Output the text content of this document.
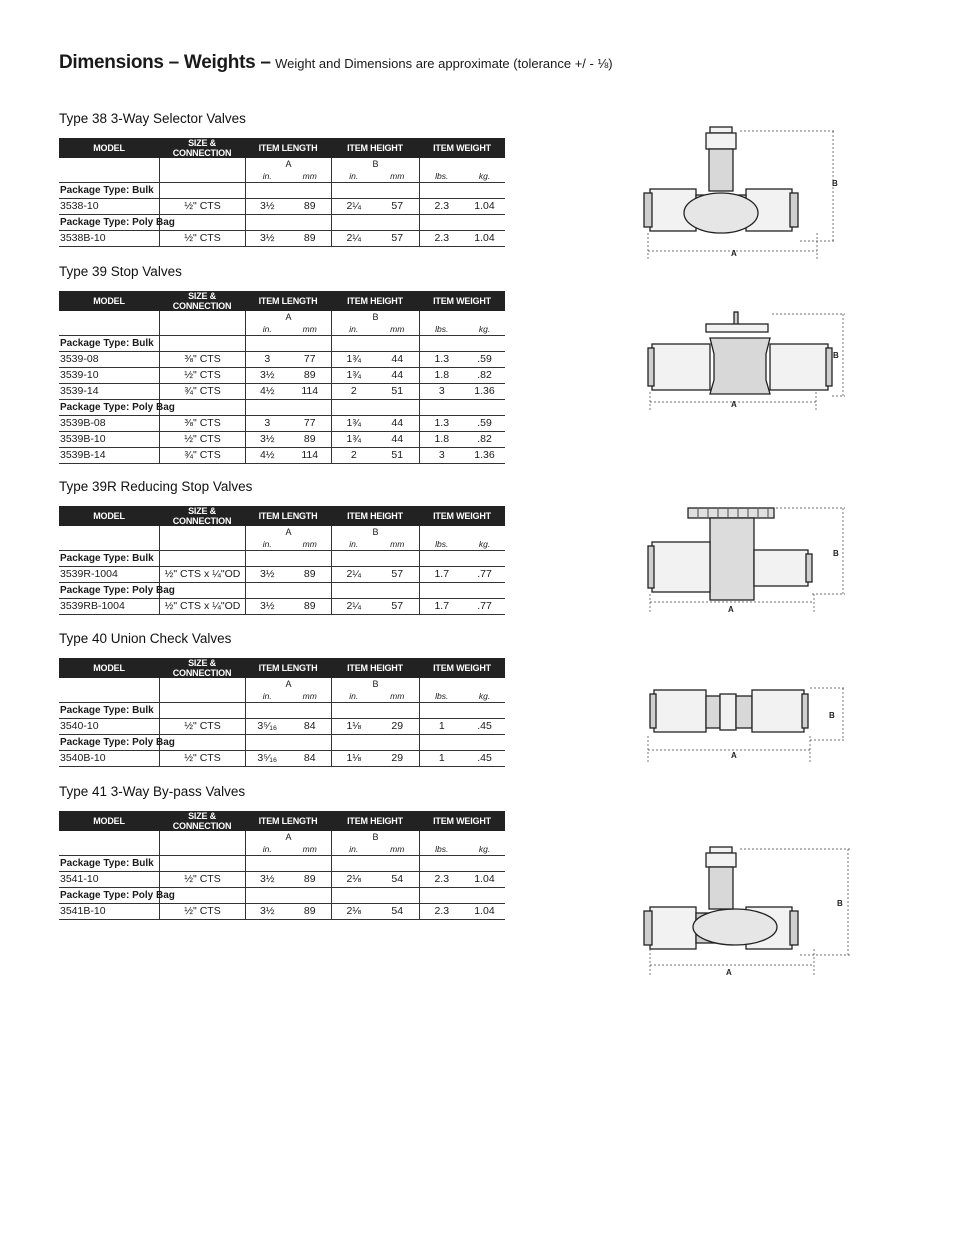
Dimensions – Weights – Weight and Dimensions are approximate (tolerance +/ - ⅛)
Type 38 3-Way Selector Valves
MODEL	SIZE & CONNECTION	ITEM LENGTH		ITEM HEIGHT		ITEM WEIGHT	
		A		B			
		in.	mm	in.	mm	lbs.	kg.
Package Type: Bulk							
3538-10	½" CTS	3½	89	2¼	57	2.3	1.04
Package Type: Poly Bag							
3538B-10	½" CTS	3½	89	2¼	57	2.3	1.04
Type 39 Stop Valves
MODEL	SIZE & CONNECTION	ITEM LENGTH		ITEM HEIGHT		ITEM WEIGHT	
		A		B			
		in.	mm	in.	mm	lbs.	kg.
Package Type: Bulk							
3539-08	⅜" CTS	3	77	1¾	44	1.3	.59
3539-10	½" CTS	3½	89	1¾	44	1.8	.82
3539-14	¾" CTS	4½	114	2	51	3	1.36
Package Type: Poly Bag							
3539B-08	⅜" CTS	3	77	1¾	44	1.3	.59
3539B-10	½" CTS	3½	89	1¾	44	1.8	.82
3539B-14	¾" CTS	4½	114	2	51	3	1.36
Type 39R Reducing Stop Valves
MODEL	SIZE & CONNECTION	ITEM LENGTH		ITEM HEIGHT		ITEM WEIGHT	
		A		B			
		in.	mm	in.	mm	lbs.	kg.
Package Type: Bulk							
3539R-1004	½" CTS x ¼"OD	3½	89	2¼	57	1.7	.77
Package Type: Poly Bag							
3539RB-1004	½" CTS x ¼"OD	3½	89	2¼	57	1.7	.77
Type 40 Union Check Valves
MODEL	SIZE & CONNECTION	ITEM LENGTH		ITEM HEIGHT		ITEM WEIGHT	
		A		B			
		in.	mm	in.	mm	lbs.	kg.
Package Type: Bulk							
3540-10	½" CTS	3⁵⁄₁₆	84	1⅛	29	1	.45
Package Type: Poly Bag							
3540B-10	½" CTS	3⁵⁄₁₆	84	1⅛	29	1	.45
Type 41 3-Way By-pass Valves
MODEL	SIZE & CONNECTION	ITEM LENGTH		ITEM HEIGHT		ITEM WEIGHT	
		A		B			
		in.	mm	in.	mm	lbs.	kg.
Package Type: Bulk							
3541-10	½" CTS	3½	89	2⅛	54	2.3	1.04
Package Type: Poly Bag							
3541B-10	½" CTS	3½	89	2⅛	54	2.3	1.04
B
A
B
A
B
A
B
A
B
A
